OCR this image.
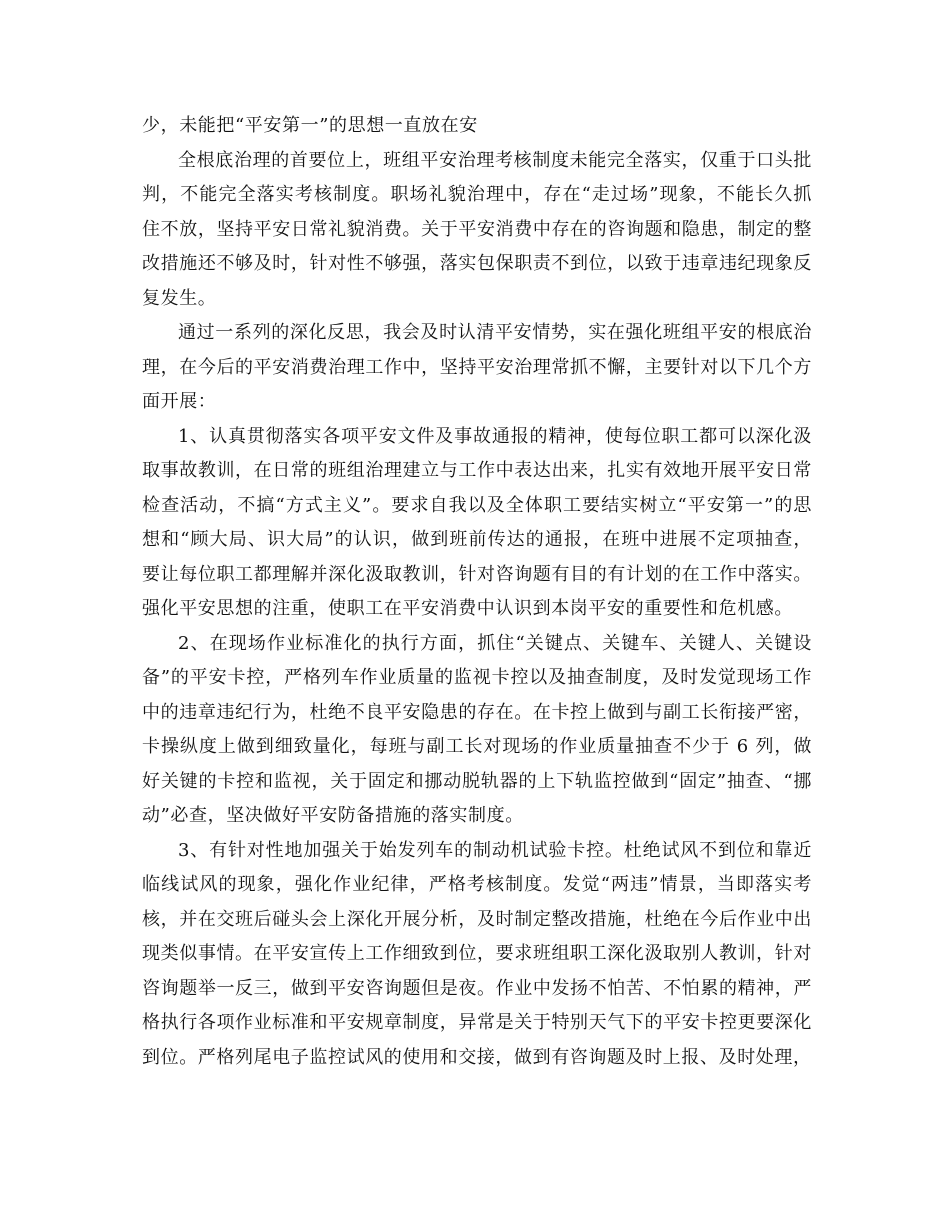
少，未能把“平安第一”的思想一直放在安

全根底治理的首要位上，班组平安治理考核制度未能完全落实，仅重于口头批判，不能完全落实考核制度。职场礼貌治理中，存在“走过场”现象，不能长久抓住不放，坚持平安日常礼貌消费。关于平安消费中存在的咨询题和隐患，制定的整改措施还不够及时，针对性不够强，落实包保职责不到位，以致于违章违纪现象反复发生。

通过一系列的深化反思，我会及时认清平安情势，实在强化班组平安的根底治理，在今后的平安消费治理工作中，坚持平安治理常抓不懈，主要针对以下几个方面开展：

1、认真贯彻落实各项平安文件及事故通报的精神，使每位职工都可以深化汲取事故教训，在日常的班组治理建立与工作中表达出来，扎实有效地开展平安日常检查活动，不搞“方式主义”。要求自我以及全体职工要结实树立“平安第一”的思想和“顾大局、识大局”的认识，做到班前传达的通报，在班中进展不定项抽查，要让每位职工都理解并深化汲取教训，针对咨询题有目的有计划的在工作中落实。强化平安思想的注重，使职工在平安消费中认识到本岗平安的重要性和危机感。

2、在现场作业标准化的执行方面，抓住“关键点、关键车、关键人、关键设备”的平安卡控，严格列车作业质量的监视卡控以及抽查制度，及时发觉现场工作中的违章违纪行为，杜绝不良平安隐患的存在。在卡控上做到与副工长衔接严密，卡操纵度上做到细致量化，每班与副工长对现场的作业质量抽查不少于 6 列，做好关键的卡控和监视，关于固定和挪动脱轨器的上下轨监控做到“固定”抽查、“挪动”必查，坚决做好平安防备措施的落实制度。

3、有针对性地加强关于始发列车的制动机试验卡控。杜绝试风不到位和靠近临线试风的现象，强化作业纪律，严格考核制度。发觉“两违”情景，当即落实考核，并在交班后碰头会上深化开展分析，及时制定整改措施，杜绝在今后作业中出现类似事情。在平安宣传上工作细致到位，要求班组职工深化汲取别人教训，针对咨询题举一反三，做到平安咨询题但是夜。作业中发扬不怕苦、不怕累的精神，严格执行各项作业标准和平安规章制度，异常是关于特别天气下的平安卡控更要深化到位。严格列尾电子监控试风的使用和交接，做到有咨询题及时上报、及时处理，
